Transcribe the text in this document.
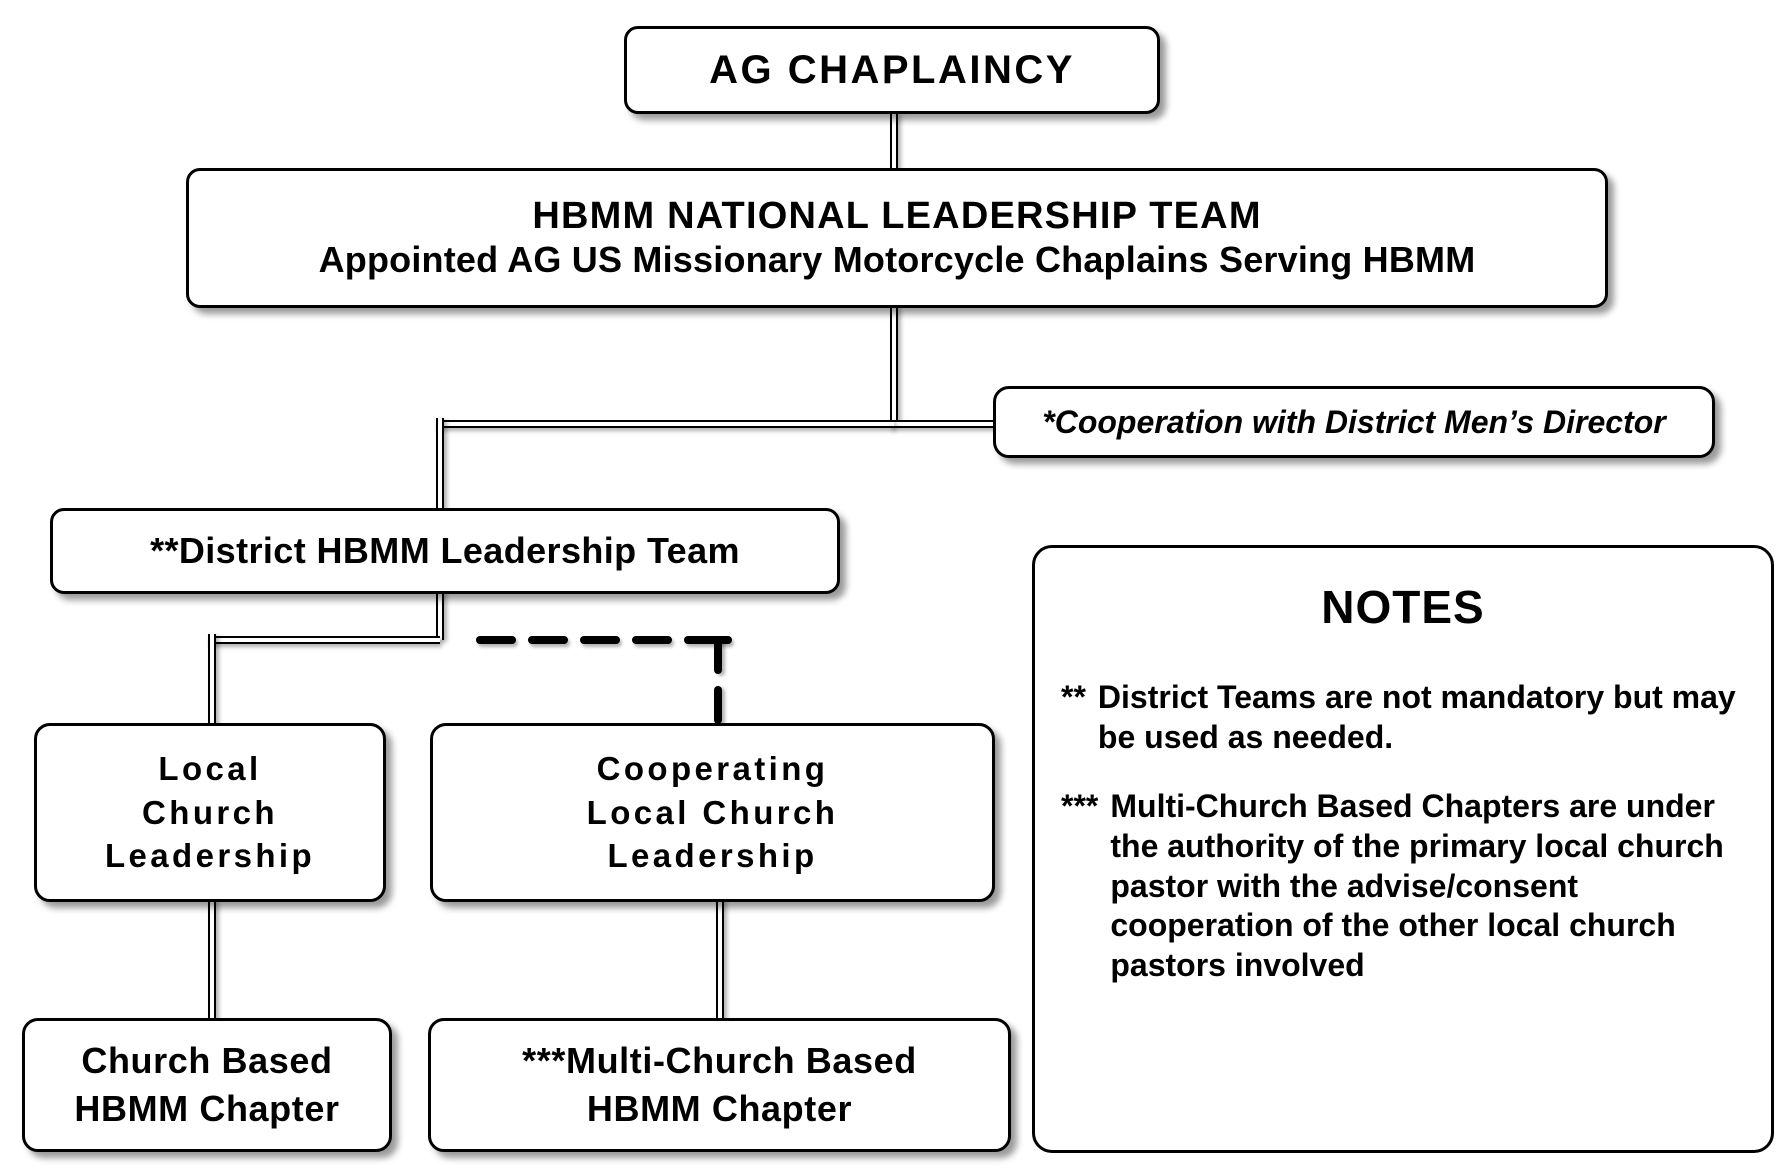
AG CHAPLAINCY
HBMM NATIONAL LEADERSHIP TEAM
Appointed AG US Missionary Motorcycle Chaplains Serving HBMM
*Cooperation with District Men’s Director
**District HBMM Leadership Team
Local
Church
Leadership
Cooperating
Local Church
Leadership
Church Based
HBMM Chapter
***Multi-Church Based
HBMM Chapter
NOTES
** District Teams are not mandatory but may be used as needed.
*** Multi-Church Based Chapters are under the authority of the primary local church pastor with the advise/consent cooperation of the other local church pastors involved
